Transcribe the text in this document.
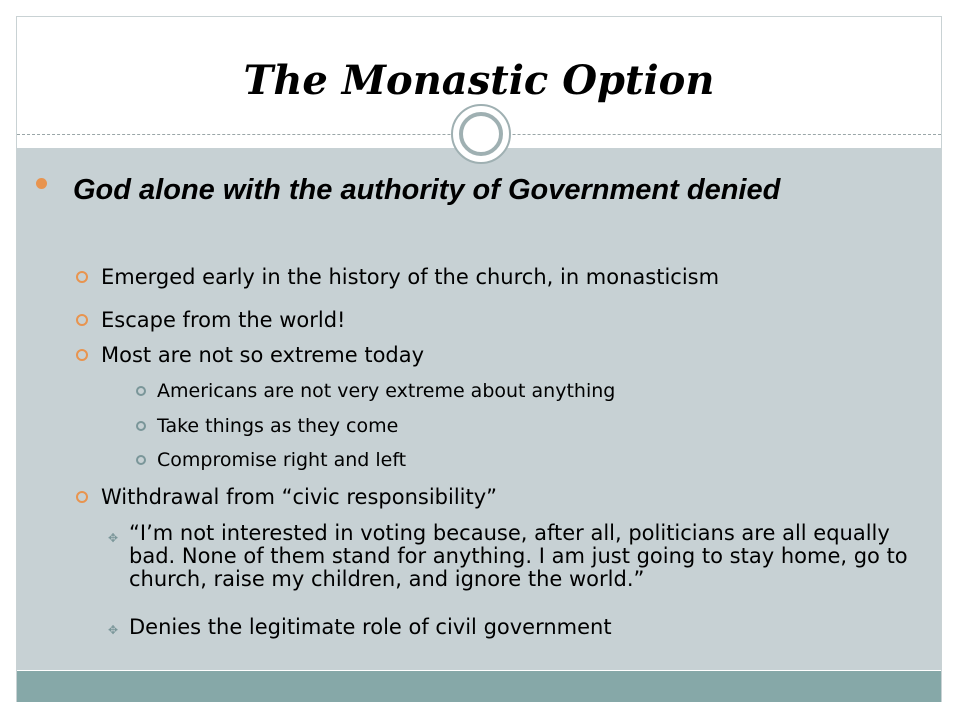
The Monastic Option
God alone with the authority of Government denied
Emerged early in the history of the church, in monasticism
Escape from the world!
Most are not so extreme today
Americans are not very extreme about anything
Take things as they come
Compromise right and left
Withdrawal from “civic responsibility”
✥ “I’m not interested in voting because, after all, politicians are all equally bad. None of them stand for anything. I am just going to stay home, go to church, raise my children, and ignore the world.”
✥ Denies the legitimate role of civil government
